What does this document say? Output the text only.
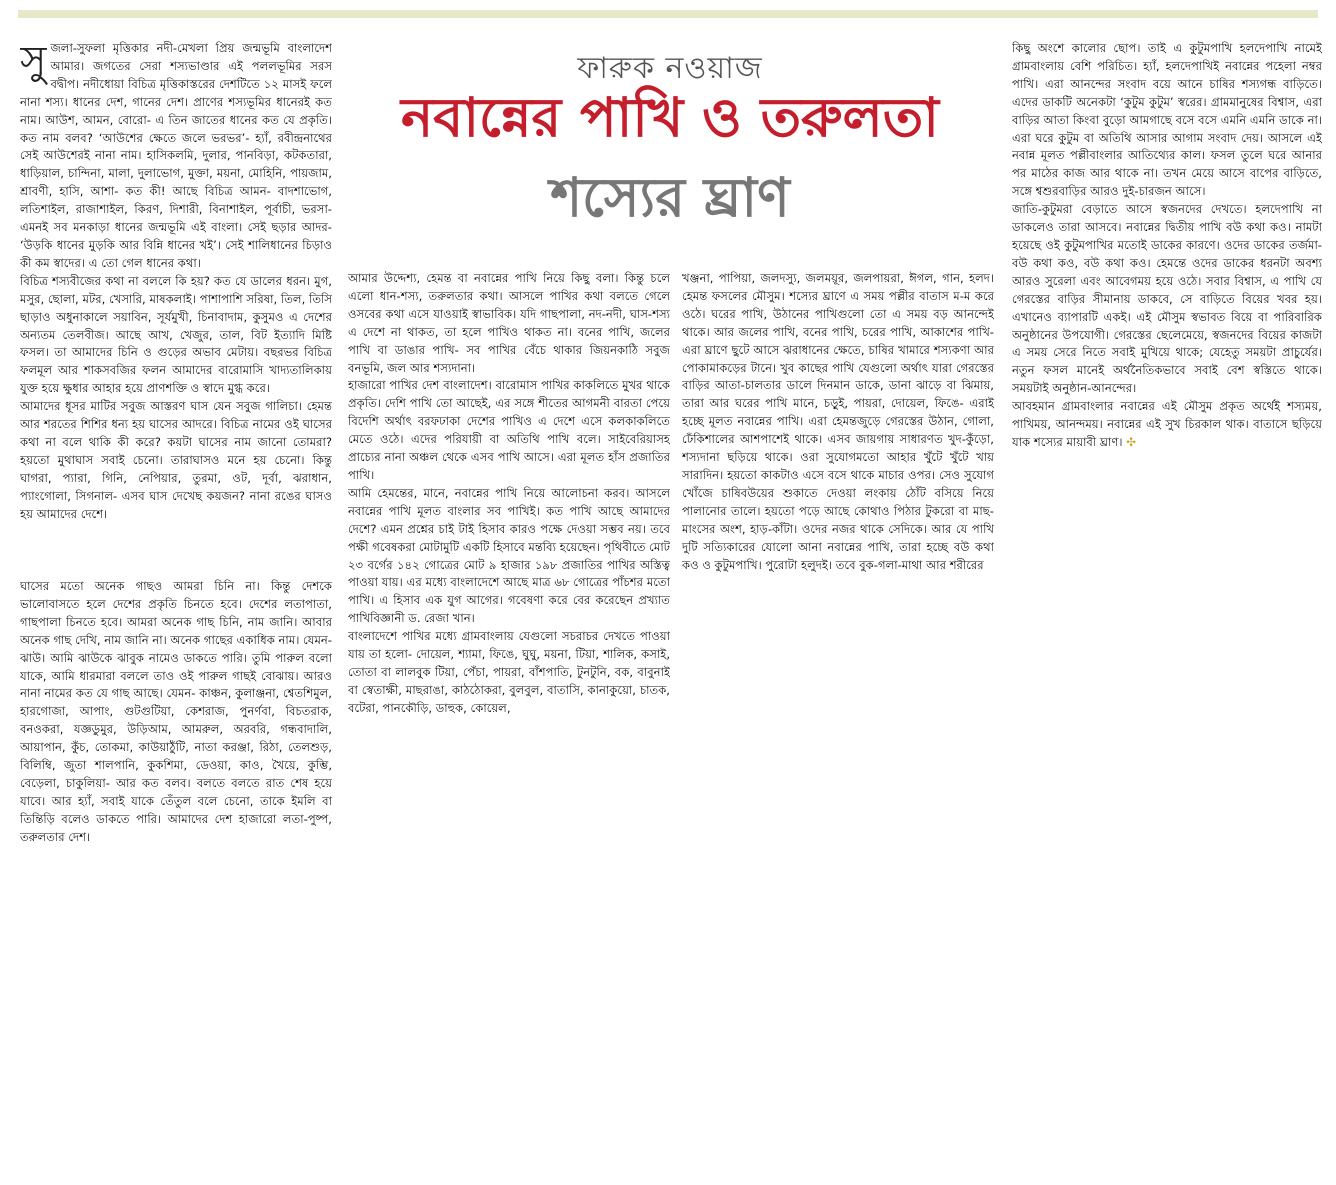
ফারুক নওয়াজ
নবান্নের পাখি ও তরুলতা
শস্যের ঘ্রাণ
সু জলা-সুফলা মৃত্তিকার নদী-মেখলা প্রিয় জন্মভূমি বাংলাদেশ আমার। জগতের সেরা শস্যভাণ্ডার এই পললভূমির সরস বদ্বীপ। নদীধোয়া বিচিত্র মৃত্তিকাস্তরের দেশটিতে ১২ মাসই ফলে নানা শস্য। ধানের দেশ, গানের দেশ। প্রাণের শস্যভূমির ধানেরই কত নাম। আউশ, আমন, বোরো- এ তিন জাতের ধানের কত যে প্রকৃতি। কত নাম বলব? ‘আউশের ক্ষেতে জলে ভরভর’- হ্যাঁ, রবীন্দ্রনাথের সেই আউশেরই নানা নাম। হাসিকলমি, দুলার, পানবিড়া, কটকতারা, ধাড়িয়াল, চান্দিনা, মালা, দুলাভোগ, মুক্তা, ময়না, মোহিনি, পায়জাম, শ্রাবণী, হাসি, আশা- কত কী! আছে বিচিত্র আমন- বাদশাভোগ, লতিশাইল, রাজাশাইল, কিরণ, দিশারী, বিনাশাইল, পূর্বাচী, ভরসা- এমনই সব মনকাড়া ধানের জন্মভূমি এই বাংলা। সেই ছড়ার আদর- ‘উড়কি ধানের মুড়কি আর বিন্নি ধানের খই’। সেই শালিধানের চিড়াও কী কম স্বাদের। এ তো গেল ধানের কথা।

বিচিত্র শস্যবীজের কথা না বললে কি হয়? কত যে ডালের ধরন। মুগ, মসুর, ছোলা, মটর, খেসারি, মাষকলাই। পাশাপাশি সরিষা, তিল, তিসি ছাড়াও অধুনাকালে সয়াবিন, সূর্যমুখী, চিনাবাদাম, কুসুমও এ দেশের অন্যতম তেলবীজ। আছে আখ, খেজুর, তাল, বিট ইত্যাদি মিষ্টি ফসল। তা আমাদের চিনি ও গুড়ের অভাব মেটায়। বছরভর বিচিত্র ফলমূল আর শাকসবজির ফলন আমাদের বারোমাসি খাদ্যতালিকায় যুক্ত হয়ে ক্ষুধার আহার হয়ে প্রাণশক্তি ও স্বাদে মুগ্ধ করে।

আমাদের ধূসর মাটির সবুজ আস্তরণ ঘাস যেন সবুজ গালিচা। হেমন্ত আর শরতের শিশির ধন্য হয় ঘাসের আদরে। বিচিত্র নামের ওই ঘাসের কথা না বলে থাকি কী করে? কয়টা ঘাসের নাম জানো তোমরা? হয়তো মুথাঘাস সবাই চেনো। তারাঘাসও মনে হয় চেনো। কিন্তু ঘাগরা, প্যারা, গিনি, নেপিয়ার, তুরমা, ওট, দূর্বা, ঝরাধান, প্যাংগোলা, সিগনাল- এসব ঘাস দেখেছ কয়জন? নানা রঙের ঘাসও হয় আমাদের দেশে।

ঘাসের মতো অনেক গাছও আমরা চিনি না। কিন্তু দেশকে ভালোবাসতে হলে দেশের প্রকৃতি চিনতে হবে। দেশের লতাপাতা, গাছপালা চিনতে হবে। আমরা অনেক গাছ চিনি, নাম জানি। আবার অনেক গাছ দেখি, নাম জানি না। অনেক গাছের একাধিক নাম। যেমন- ঝাউ। আমি ঝাউকে ঝাবুক নামেও ডাকতে পারি। তুমি পারুল বলো যাকে, আমি ধারমারা বললে তাও ওই পারুল গাছই বোঝায়। আরও নানা নামের কত যে গাছ আছে। যেমন- কাঞ্চন, কুলাঞ্জনা, শ্বেতশিমুল, হারগোজা, আপাং, গুটগুটিয়া, কেশরাজ, পুনর্ণবা, বিচতরাক, বনওকরা, যজ্ঞডুমুর, উড়িআম, আমরুল, অরবরি, গন্ধবাদালি, আয়াপান, কুঁচ, তোকমা, কাউয়াঠুঁটি, নাতা করঞ্জা, রিঠা, তেলশুড়, বিলিম্বি, জুতা শালপানি, কুকশিমা, ডেওয়া, কাও, খৈয়ে, কুম্ভি, বেড়েলা, চাকুলিয়া- আর কত বলব। বলতে বলতে রাত শেষ হয়ে যাবে। আর হ্যাঁ, সবাই যাকে তেঁতুল বলে চেনো, তাকে ইমলি বা তিন্তিড়ি বলেও ডাকতে পারি। আমাদের দেশ হাজারো লতা-পুষ্প, তরুলতার দেশ।

আমার উদ্দেশ্য, হেমন্ত বা নবান্নের পাখি নিয়ে কিছু বলা। কিন্তু চলে এলো ধান-শস্য, তরুলতার কথা। আসলে পাখির কথা বলতে গেলে ওসবের কথা এসে যাওয়াই স্বাভাবিক। যদি গাছপালা, নদ-নদী, ঘাস-শস্য এ দেশে না থাকত, তা হলে পাখিও থাকত না। বনের পাখি, জলের পাখি বা ডাঙার পাখি- সব পাখির বেঁচে থাকার জিয়নকাঠি সবুজ বনভূমি, জল আর শস্যদানা।

হাজারো পাখির দেশ বাংলাদেশ। বারোমাস পাখির কাকলিতে মুখর থাকে প্রকৃতি। দেশি পাখি তো আছেই, এর সঙ্গে শীতের আগমনী বারতা পেয়ে বিদেশি অর্থাৎ বরফঢাকা দেশের পাখিও এ দেশে এসে কলকাকলিতে মেতে ওঠে। এদের পরিযায়ী বা অতিথি পাখি বলে। সাইবেরিয়াসহ প্রাচ্যের নানা অঞ্চল থেকে এসব পাখি আসে। এরা মূলত হাঁস প্রজাতির পাখি।

আমি হেমন্তের, মানে, নবান্নের পাখি নিয়ে আলোচনা করব। আসলে নবান্নের পাখি মূলত বাংলার সব পাখিই। কত পাখি আছে আমাদের দেশে? এমন প্রশ্নের চাই টাই হিসাব কারও পক্ষে দেওয়া সম্ভব নয়। তবে পক্ষী গবেষকরা মোটামুটি একটি হিসাবে মন্তব্যি হয়েছেন। পৃথিবীতে মোট ২৩ বর্গের ১৪২ গোত্রের মোট ৯ হাজার ১৯৮ প্রজাতির পাখির অস্তিত্ব পাওয়া যায়। এর মধ্যে বাংলাদেশে আছে মাত্র ৬৮ গোত্রের পাঁচশর মতো পাখি। এ হিসাব এক যুগ আগের। গবেষণা করে বের করেছেন প্রখ্যাত পাখিবিজ্ঞানী ড. রেজা খান।

বাংলাদেশে পাখির মধ্যে গ্রামবাংলায় যেগুলো সচরাচর দেখতে পাওয়া যায় তা হলো- দোয়েল, শ্যামা, ফিঙে, ঘুঘু, ময়না, টিয়া, শালিক, কসাই, তোতা বা লালবুক টিয়া, পেঁচা, পায়রা, বাঁশপাতি, টুনটুনি, বক, বাবুনাই বা স্বেতাক্ষী, মাছরাঙা, কাঠঠোকরা, বুলবুল, বাতাসি, কানাকুয়ো, চাতক, বটেরা, পানকৌড়ি, ডাহুক, কোয়েল,

খঞ্জনা, পাপিয়া, জলদস্যু, জলময়ূর, জলপায়রা, ঈগল, গান, হলদ। হেমন্ত ফসলের মৌসুম। শস্যের ঘ্রাণে এ সময় পল্লীর বাতাস ম-ম করে ওঠে। ঘরের পাখি, উঠানের পাখিগুলো তো এ সময় বড় আনন্দেই থাকে। আর জলের পাখি, বনের পাখি, চরের পাখি, আকাশের পাখি- এরা ঘ্রাণে ছুটে আসে ঝরাধানের ক্ষেতে, চাষির খামারে শস্যকণা আর পোকামাকড়ের টানে। খুব কাছের পাখি যেগুলো অর্থাৎ যারা গেরস্তের বাড়ির আতা-চালতার ডালে দিনমান ডাকে, ডানা ঝাড়ে বা ঝিমায়, তারা আর ঘরের পাখি মানে, চড়ুই, পায়রা, দোয়েল, ফিঙে- এরাই হচ্ছে মূলত নবান্নের পাখি। এরা হেমন্তজুড়ে গেরস্তের উঠান, গোলা, ঢেঁকিশালের আশপাশেই থাকে। এসব জায়গায় সাধারণত খুদ-কুঁড়ো, শস্যদানা ছড়িয়ে থাকে। ওরা সুযোগমতো আহার খুঁটে খুঁটে খায় সারাদিন। হয়তো কাকটাও এসে বসে থাকে মাচার ওপর। সেও সুযোগ খোঁজে চাষিবউয়ের শুকাতে দেওয়া লংকায় ঠোঁট বসিয়ে নিয়ে পালানোর তালে। হয়তো পড়ে আছে কোথাও পিঠার টুকরো বা মাছ-মাংসের অংশ, হাড়-কাঁটা। ওদের নজর থাকে সেদিকে। আর যে পাখি দুটি সত্যিকারের যোলো আনা নবান্নের পাখি, তারা হচ্ছে বউ কথা কও ও কুটুমপাখি। পুরোটা হলুদই। তবে বুক-গলা-মাথা আর শরীরের

কিছু অংশে কালোর ছোপ। তাই এ কুটুমপাখি হলদেপাখি নামেই গ্রামবাংলায় বেশি পরিচিত। হ্যাঁ, হলদেপাখিই নবান্নের পহেলা নম্বর পাখি। এরা আনন্দের সংবাদ বয়ে আনে চাষির শস্যগন্ধ বাড়িতে। এদের ডাকটি অনেকটা ‘কুটুম কুটুম’ স্বরের। গ্রামমানুষের বিশ্বাস, এরা বাড়ির আতা কিংবা বুড়ো আমগাছে বসে বসে এমনি এমনি ডাকে না। এরা ঘরে কুটুম বা অতিথি আসার আগাম সংবাদ দেয়। আসলে এই নবান্ন মূলত পল্লীবাংলার আতিথ্যের কাল। ফসল তুলে ঘরে আনার পর মাঠের কাজ আর থাকে না। তখন মেয়ে আসে বাপের বাড়িতে, সঙ্গে শ্বশুরবাড়ির আরও দুই-চারজন আসে।

জাতি-কুটুমরা বেড়াতে আসে স্বজনদের দেখতে। হলদেপাখি না ডাকলেও তারা আসবে। নবান্নের দ্বিতীয় পাখি বউ কথা কও। নামটা হয়েছে ওই কুটুমপাখির মতোই ডাকের কারণে। ওদের ডাকের তর্জমা- বউ কথা কও, বউ কথা কও। হেমন্তে ওদের ডাকের ধরনটা অবশ্য আরও সুরেলা এবং আবেগময় হয়ে ওঠে। সবার বিশ্বাস, এ পাখি যে গেরস্তের বাড়ির সীমানায় ডাকবে, সে বাড়িতে বিয়ের খবর হয়। এখানেও ব্যাপারটি একই। এই মৌসুম স্বভাবত বিয়ে বা পারিবারিক অনুষ্ঠানের উপযোগী। গেরস্তের ছেলেমেয়ে, স্বজনদের বিয়ের কাজটা এ সময় সেরে নিতে সবাই মুখিয়ে থাকে; যেহেতু সময়টা প্রাচুর্যের। নতুন ফসল মানেই অর্থনৈতিকভাবে সবাই বেশ স্বস্তিতে থাকে। সময়টাই অনুষ্ঠান-আনন্দের।

আবহমান গ্রামবাংলার নবান্নের এই মৌসুম প্রকৃত অর্থেই শস্যময়, পাখিময়, আনন্দময়। নবান্নের এই সুখ চিরকাল থাক। বাতাসে ছড়িয়ে যাক শস্যের মায়াবী ঘ্রাণ। ✣
